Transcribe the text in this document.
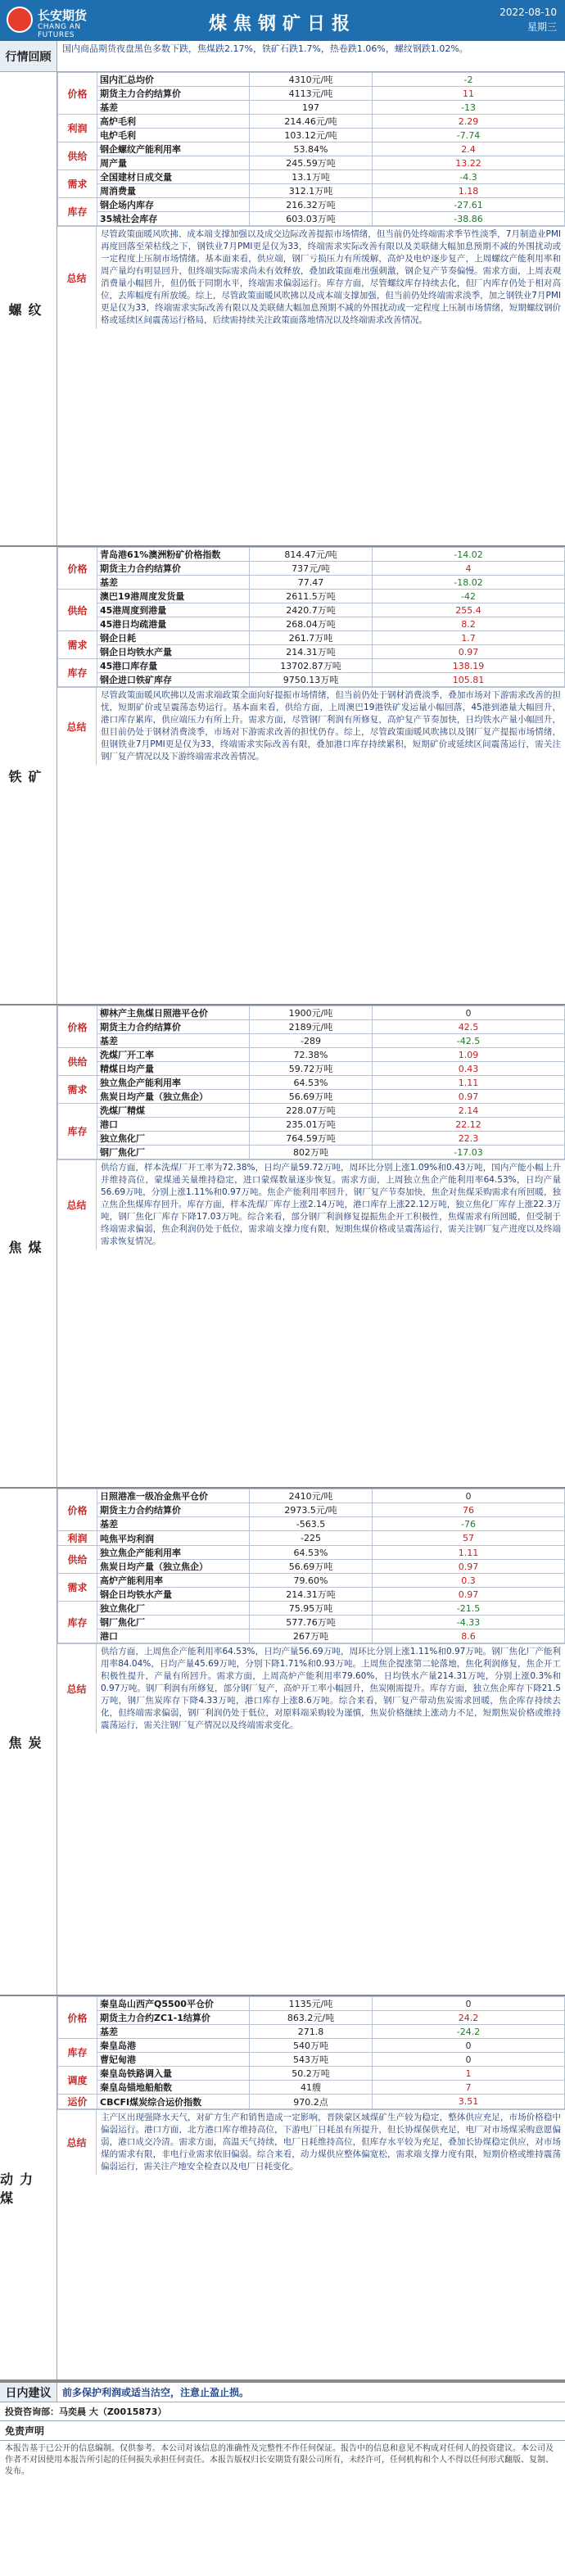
长安期货
CHANG AN FUTURES
煤焦钢矿日报
2022-08-10
星期三
行情回顾
国内商品期货夜盘黑色多数下跌，焦煤跌2.17%，铁矿石跌1.7%，热卷跌1.06%，螺纹钢跌1.02%。
螺纹
价格	国内汇总均价	4310元/吨	-2
	期货主力合约结算价	4113元/吨	11
	基差	197	-13
利润	高炉毛利	214.46元/吨	2.29
	电炉毛利	103.12元/吨	-7.74
供给	钢企螺纹产能利用率	53.84%	2.4
	周产量	245.59万吨	13.22
需求	全国建材日成交量	13.1万吨	-4.3
	周消费量	312.1万吨	1.18
库存	钢企场内库存	216.32万吨	-27.61
	35城社会库存	603.03万吨	-38.86
总结
尽管政策面暖风吹拂、成本端支撑加强以及成交边际改善提振市场情绪，但当前仍处终端需求季节性淡季，7月制造业PMI再度回落至荣枯线之下，钢铁业7月PMI更是仅为33，终端需求实际改善有限以及美联储大幅加息预期不减的外围扰动或一定程度上压制市场情绪。基本面来看，供应端，钢厂亏损压力有所缓解，高炉及电炉逐步复产，上周螺纹产能利用率和周产量均有明显回升，但终端实际需求尚未有效释放，叠加政策面难出强刺激，钢企复产节奏偏慢。需求方面，上周表观消费量小幅回升，但仍低于同期水平，终端需求偏弱运行。库存方面，尽管螺纹库存持续去化，但厂内库存仍处于相对高位，去库幅度有所放缓。综上，尽管政策面暖风吹拂以及成本端支撑加强，但当前仍处终端需求淡季，加之钢铁业7月PMI更是仅为33，终端需求实际改善有限以及美联储大幅加息预期不减的外围扰动或一定程度上压制市场情绪，短期螺纹钢价格或延续区间震荡运行格局，后续需持续关注政策面落地情况以及终端需求改善情况。
铁矿
价格	青岛港61%澳洲粉矿价格指数	814.47元/吨	-14.02
	期货主力合约结算价	737元/吨	4
	基差	77.47	-18.02
供给	澳巴19港周度发货量	2611.5万吨	-42
	45港周度到港量	2420.7万吨	255.4
	45港日均疏港量	268.04万吨	8.2
需求	钢企日耗	261.7万吨	1.7
	钢企日均铁水产量	214.31万吨	0.97
库存	45港口库存量	13702.87万吨	138.19
	钢企进口铁矿库存	9750.13万吨	105.81
总结
尽管政策面暖风吹拂以及需求端政策全面向好提振市场情绪，但当前仍处于钢材消费淡季，叠加市场对下游需求改善的担忧，短期矿价或呈震荡态势运行。基本面来看，供给方面，上周澳巴19港铁矿发运量小幅回落，45港到港量大幅回升，港口库存累库，供应端压力有所上升。需求方面，尽管钢厂利润有所修复，高炉复产节奏加快，日均铁水产量小幅回升，但目前仍处于钢材消费淡季，市场对下游需求改善的担忧仍存。综上，尽管政策面暖风吹拂以及钢厂复产提振市场情绪，但钢铁业7月PMI更是仅为33，终端需求实际改善有限，叠加港口库存持续累积，短期矿价或延续区间震荡运行，需关注钢厂复产情况以及下游终端需求改善情况。
焦煤
价格	柳林产主焦煤日照港平仓价	1900元/吨	0
	期货主力合约结算价	2189元/吨	42.5
	基差	-289	-42.5
供给	洗煤厂开工率	72.38%	1.09
	精煤日均产量	59.72万吨	0.43
需求	独立焦企产能利用率	64.53%	1.11
	焦炭日均产量（独立焦企）	56.69万吨	0.97
库存	洗煤厂精煤	228.07万吨	2.14
	港口	235.01万吨	22.12
	独立焦化厂	764.59万吨	22.3
	钢厂焦化厂	802万吨	-17.03
总结
供给方面，样本洗煤厂开工率为72.38%，日均产量59.72万吨，周环比分别上涨1.09%和0.43万吨，国内产能小幅上升并维持高位，蒙煤通关量维持稳定，进口蒙煤数量逐步恢复。需求方面，上周独立焦企产能利用率64.53%，日均产量56.69万吨，分别上涨1.11%和0.97万吨。焦企产能利用率回升，钢厂复产节奏加快，焦企对焦煤采购需求有所回暖，独立焦企焦煤库存回升。库存方面，样本洗煤厂库存上涨2.14万吨，港口库存上涨22.12万吨，独立焦化厂库存上涨22.3万吨，钢厂焦化厂库存下降17.03万吨。综合来看，部分钢厂利润修复提振焦企开工积极性，焦煤需求有所回暖，但受制于终端需求偏弱，焦企利润仍处于低位，需求端支撑力度有限，短期焦煤价格或呈震荡运行，需关注钢厂复产进度以及终端需求恢复情况。
焦炭
价格	日照港准一级冶金焦平仓价	2410元/吨	0
	期货主力合约结算价	2973.5元/吨	76
	基差	-563.5	-76
利润	吨焦平均利润	-225	57
供给	独立焦企产能利用率	64.53%	1.11
	焦炭日均产量（独立焦企）	56.69万吨	0.97
需求	高炉产能利用率	79.60%	0.3
	钢企日均铁水产量	214.31万吨	0.97
库存	独立焦化厂	75.95万吨	-21.5
	钢厂焦化厂	577.76万吨	-4.33
	港口	267万吨	8.6
总结
供给方面，上周焦企产能利用率64.53%，日均产量56.69万吨，周环比分别上涨1.11%和0.97万吨。钢厂焦化厂产能利用率84.04%，日均产量45.69万吨，分别下降1.71%和0.93万吨。上周焦企提涨第二轮落地，焦化利润修复，焦企开工积极性提升，产量有所回升。需求方面，上周高炉产能利用率79.60%，日均铁水产量214.31万吨，分别上涨0.3%和0.97万吨。钢厂利润有所修复，部分钢厂复产，高炉开工率小幅回升，焦炭刚需提升。库存方面，独立焦企库存下降21.5万吨，钢厂焦炭库存下降4.33万吨，港口库存上涨8.6万吨。综合来看，钢厂复产带动焦炭需求回暖，焦企库存持续去化，但终端需求偏弱，钢厂利润仍处于低位，对原料端采购较为谨慎，焦炭价格继续上涨动力不足，短期焦炭价格或维持震荡运行，需关注钢厂复产情况以及终端需求变化。
动力煤
价格	秦皇岛山西产Q5500平仓价	1135元/吨	0
	期货主力合约ZC1-1结算价	863.2元/吨	24.2
	基差	271.8	-24.2
库存	秦皇岛港	540万吨	0
	曹妃甸港	543万吨	0
调度	秦皇岛铁路调入量	50.2万吨	1
	秦皇岛锚地船舶数	41艘	7
运价	CBCFI煤炭综合运价指数	970.2点	3.51
总结
主产区出现强降水天气，对矿方生产和销售造成一定影响，晋陕蒙区域煤矿生产较为稳定，整体供应充足，市场价格稳中偏弱运行。港口方面，北方港口库存维持高位，下游电厂日耗虽有所提升，但长协煤保供充足，电厂对市场煤采购意愿偏弱，港口成交冷清。需求方面，高温天气持续，电厂日耗维持高位，但库存水平较为充足，叠加长协煤稳定供应，对市场煤的需求有限，非电行业需求依旧偏弱。综合来看，动力煤供应整体偏宽松，需求端支撑力度有限，短期价格或维持震荡偏弱运行，需关注产地安全检查以及电厂日耗变化。
日内建议	前多保护利润或适当沽空，注意止盈止损。
投资咨询部：马奕晨 大（Z0015873）
免责声明
本报告基于已公开的信息编制。仅供参考。本公司对该信息的准确性及完整性不作任何保证。报告中的信息和意见不构成对任何人的投资建议。本公司及作者不对因使用本报告所引起的任何损失承担任何责任。本报告版权归长安期货有限公司所有，未经许可，任何机构和个人不得以任何形式翻版、复制、发布。
